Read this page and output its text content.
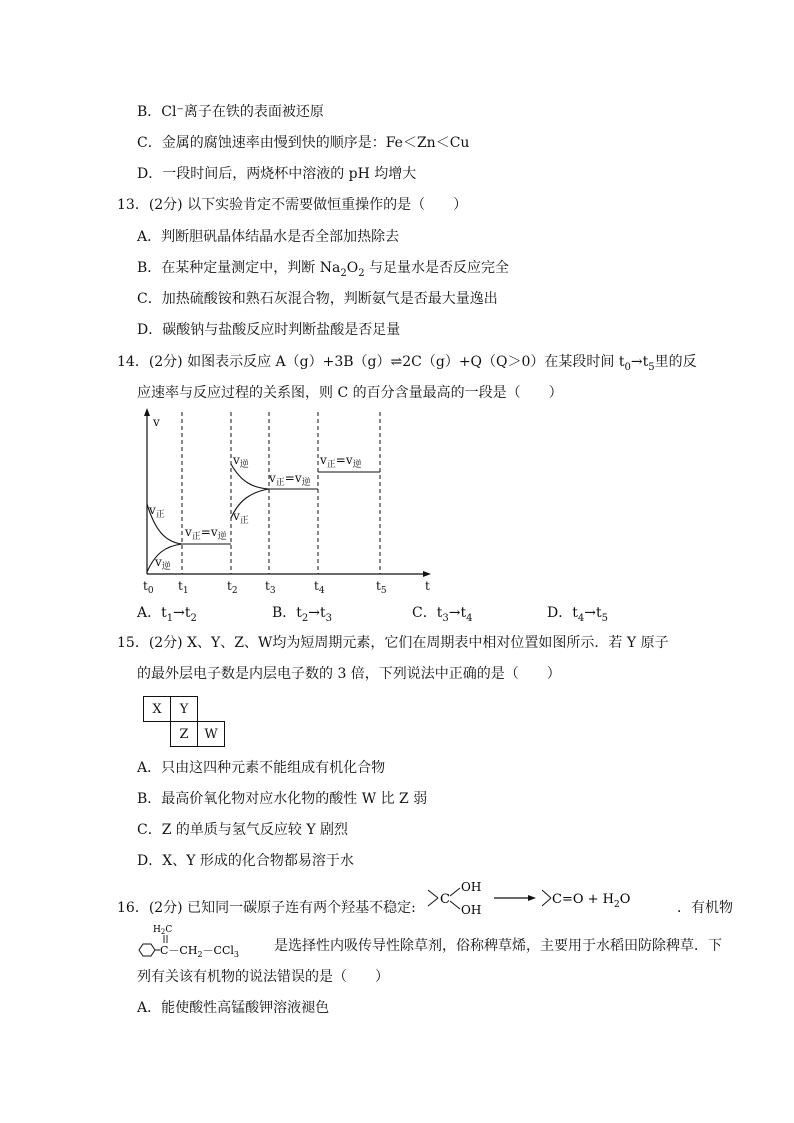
B．Cl⁻离子在铁的表面被还原
C．金属的腐蚀速率由慢到快的顺序是：Fe＜Zn＜Cu
D．一段时间后，两烧杯中溶液的 pH 均增大
13．(2分) 以下实验肯定不需要做恒重操作的是（　　）
A．判断胆矾晶体结晶水是否全部加热除去
B．在某种定量测定中，判断 $Na_2O_2$ 与足量水是否反应完全
C．加热硫酸铵和熟石灰混合物，判断氨气是否最大量逸出
D．碳酸钠与盐酸反应时判断盐酸是否足量
14．(2分) 如图表示反应 A（g）+3B（g）⇌2C（g）+Q（Q＞0）在某段时间 $t_0\to t_5$里的反
应速率与反应过程的关系图，则 C 的百分含量最高的一段是（　　）
v
t
$v_正$
$v_逆$
$v_正=v_逆$
$v_逆$
$v_正$
$v_正=v_逆$
$v_正=v_逆$
$t_0$ $t_1$	$t_2$ $t_3$	$t_4$	$t_5$
A．$t_1\to t_2$	B．$t_2\to t_3$	C．$t_3\to t_4$	D．$t_4\to t_5$
15．(2分) X、Y、Z、W均为短周期元素，它们在周期表中相对位置如图所示．若 Y 原子
的最外层电子数是内层电子数的 3 倍，下列说法中正确的是（　　）
X	Y	
	Z	W
A．只由这四种元素不能组成有机化合物
B．最高价氧化物对应水化物的酸性 W 比 Z 弱
C．Z 的单质与氢气反应较 Y 剧烈
D．X、Y 形成的化合物都易溶于水
16．(2分) 已知同一碳原子连有两个羟基不稳定:
C
OH
OH
$C=O + H_2O$
．有机物
$H_2C$
$C-CH_2-CCl_3$
是选择性内吸传导性除草剂，俗称稗草烯，主要用于水稻田防除稗草．下
列有关该有机物的说法错误的是（　　）
A．能使酸性高锰酸钾溶液褪色
